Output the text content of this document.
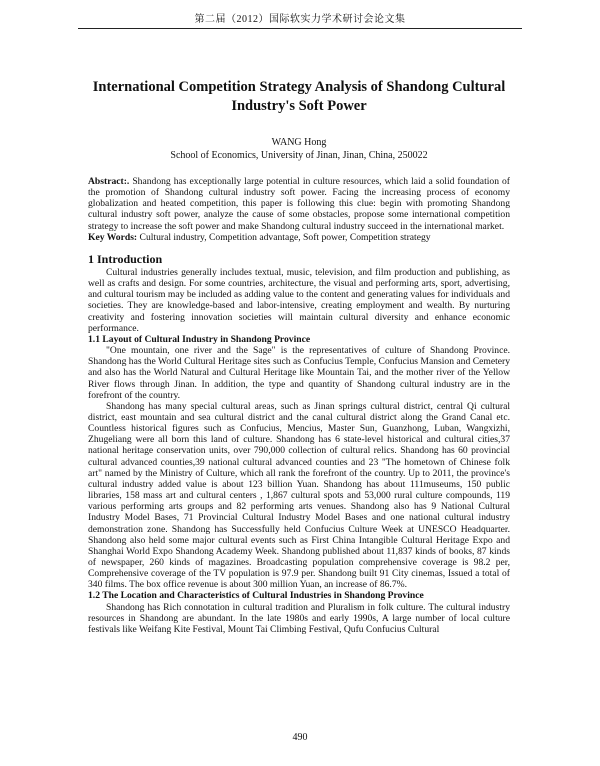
第二届（2012）国际软实力学术研讨会论文集
International Competition Strategy Analysis of Shandong Cultural
Industry's Soft Power
WANG Hong
School of Economics, University of Jinan, Jinan, China, 250022

Abstract:. Shandong has exceptionally large potential in culture resources, which laid a solid foundation of the promotion of Shandong cultural industry soft power. Facing the increasing process of economy globalization and heated competition, this paper is following this clue: begin with promoting Shandong cultural industry soft power, analyze the cause of some obstacles, propose some international competition strategy to increase the soft power and make Shandong cultural industry succeed in the international market.

Key Words: Cultural industry, Competition advantage, Soft power, Competition strategy

1 Introduction

Cultural industries generally includes textual, music, television, and film production and publishing, as well as crafts and design. For some countries, architecture, the visual and performing arts, sport, advertising, and cultural tourism may be included as adding value to the content and generating values for individuals and societies. They are knowledge-based and labor-intensive, creating employment and wealth. By nurturing creativity and fostering innovation societies will maintain cultural diversity and enhance economic performance.

1.1 Layout of Cultural Industry in Shandong Province

"One mountain, one river and the Sage" is the representatives of culture of Shandong Province. Shandong has the World Cultural Heritage sites such as Confucius Temple, Confucius Mansion and Cemetery and also has the World Natural and Cultural Heritage like Mountain Tai, and the mother river of the Yellow River flows through Jinan. In addition, the type and quantity of Shandong cultural industry are in the forefront of the country.

Shandong has many special cultural areas, such as Jinan springs cultural district, central Qi cultural district, east mountain and sea cultural district and the canal cultural district along the Grand Canal etc. Countless historical figures such as Confucius, Mencius, Master Sun, Guanzhong, Luban, Wangxizhi, Zhugeliang were all born this land of culture. Shandong has 6 state-level historical and cultural cities,37 national heritage conservation units, over 790,000 collection of cultural relics. Shandong has 60 provincial cultural advanced counties,39 national cultural advanced counties and 23 "The hometown of Chinese folk art" named by the Ministry of Culture, which all rank the forefront of the country. Up to 2011, the province's cultural industry added value is about 123 billion Yuan. Shandong has about 111museums, 150 public libraries, 158 mass art and cultural centers , 1,867 cultural spots and 53,000 rural culture compounds, 119 various performing arts groups and 82 performing arts venues. Shandong also has 9 National Cultural Industry Model Bases, 71 Provincial Cultural Industry Model Bases and one national cultural industry demonstration zone. Shandong has Successfully held Confucius Culture Week at UNESCO Headquarter. Shandong also held some major cultural events such as First China Intangible Cultural Heritage Expo and Shanghai World Expo Shandong Academy Week. Shandong published about 11,837 kinds of books, 87 kinds of newspaper, 260 kinds of magazines. Broadcasting population comprehensive coverage is 98.2 per, Comprehensive coverage of the TV population is 97.9 per. Shandong built 91 City cinemas, Issued a total of 340 films. The box office revenue is about 300 million Yuan, an increase of 86.7%.

1.2 The Location and Characteristics of Cultural Industries in Shandong Province

Shandong has Rich connotation in cultural tradition and Pluralism in folk culture. The cultural industry resources in Shandong are abundant. In the late 1980s and early 1990s, A large number of local culture festivals like Weifang Kite Festival, Mount Tai Climbing Festival, Qufu Confucius Cultural

490
